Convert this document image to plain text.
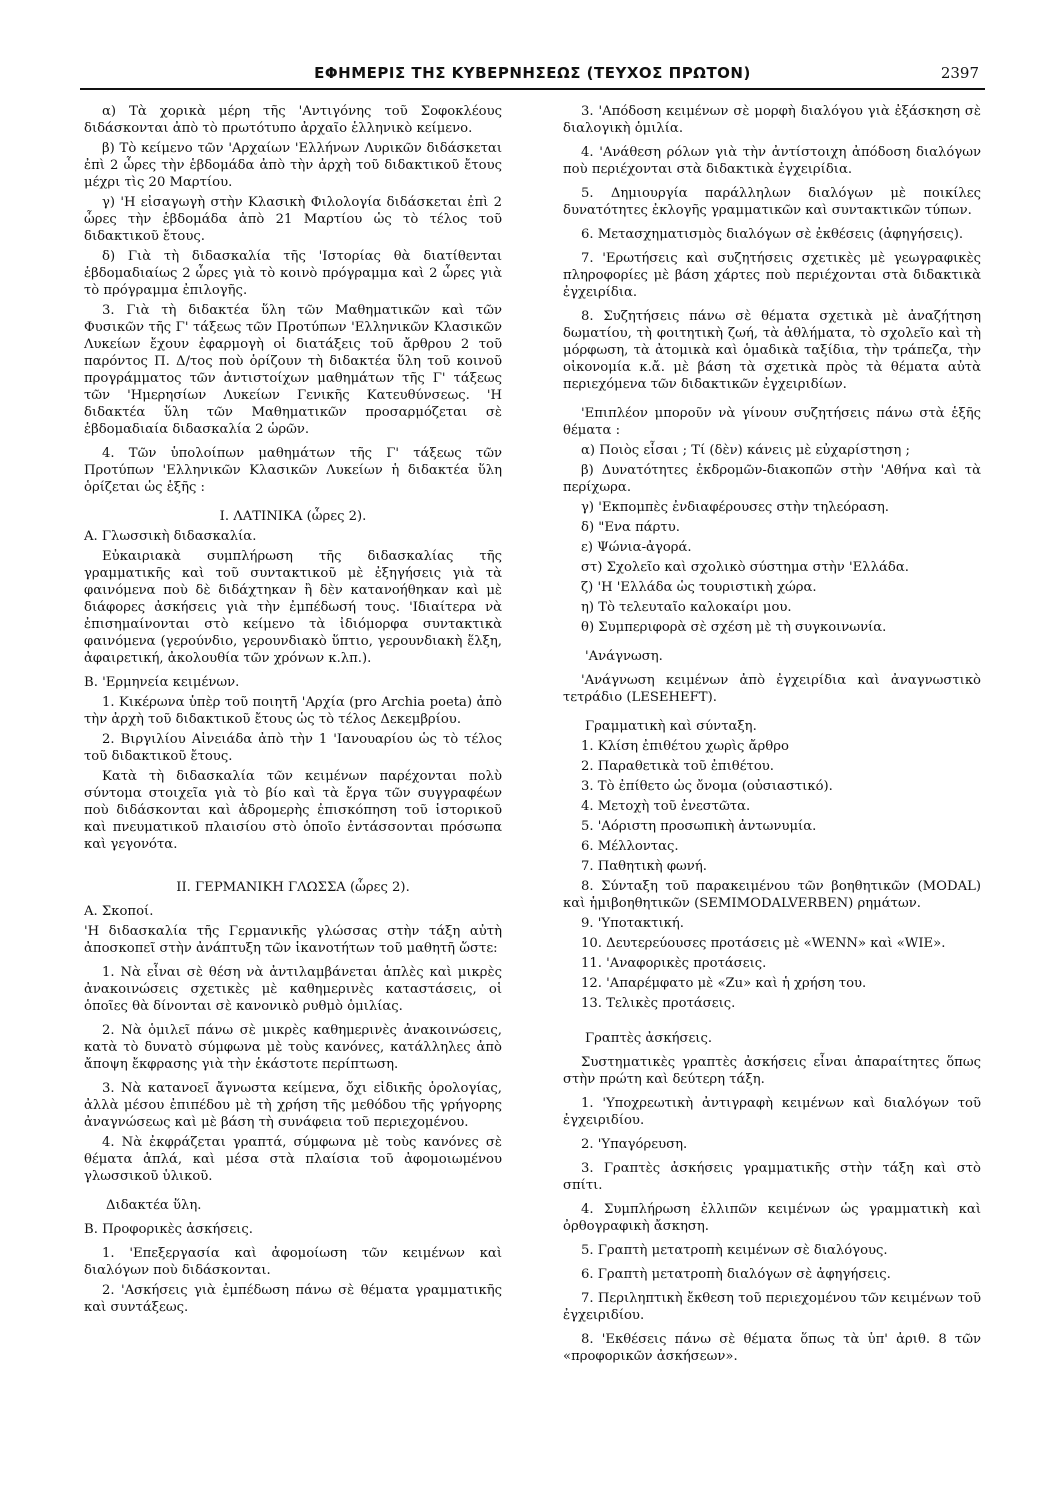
ΕΦΗΜΕΡΙΣ ΤΗΣ ΚΥΒΕΡΝΗΣΕΩΣ (ΤΕΥΧΟΣ ΠΡΩΤΟΝ)	2397

α) Τὰ χορικὰ μέρη τῆς 'Αντιγόνης τοῦ Σοφοκλέους διδάσκονται ἀπὸ τὸ πρωτότυπο ἀρχαῖο ἑλληνικὸ κείμενο.

β) Τὸ κείμενο τῶν 'Αρχαίων 'Ελλήνων Λυρικῶν διδάσκεται ἐπὶ 2 ὧρες τὴν ἑβδομάδα ἀπὸ τὴν ἀρχὴ τοῦ διδακτικοῦ ἔτους μέχρι τὶς 20 Μαρτίου.

γ) 'Η εἰσαγωγὴ στὴν Κλασικὴ Φιλολογία διδάσκεται ἐπὶ 2 ὧρες τὴν ἑβδομάδα ἀπὸ 21 Μαρτίου ὡς τὸ τέλος τοῦ διδακτικοῦ ἔτους.

δ) Γιὰ τὴ διδασκαλία τῆς 'Ιστορίας θὰ διατίθενται ἑβδομαδιαίως 2 ὧρες γιὰ τὸ κοινὸ πρόγραμμα καὶ 2 ὧρες γιὰ τὸ πρόγραμμα ἐπιλογῆς.

3. Γιὰ τὴ διδακτέα ὕλη τῶν Μαθηματικῶν καὶ τῶν Φυσικῶν τῆς Γ' τάξεως τῶν Προτύπων 'Ελληνικῶν Κλασικῶν Λυκείων ἔχουν ἐφαρμογὴ οἱ διατάξεις τοῦ ἄρθρου 2 τοῦ παρόντος Π. Δ/τος ποὺ ὁρίζουν τὴ διδακτέα ὕλη τοῦ κοινοῦ προγράμματος τῶν ἀντιστοίχων μαθημάτων τῆς Γ' τάξεως τῶν 'Ημερησίων Λυκείων Γενικῆς Κατευθύνσεως. 'Η διδακτέα ὕλη τῶν Μαθηματικῶν προσαρμόζεται σὲ ἑβδομαδιαία διδασκαλία 2 ὡρῶν.

4. Τῶν ὑπολοίπων μαθημάτων τῆς Γ' τάξεως τῶν Προτύπων 'Ελληνικῶν Κλασικῶν Λυκείων ἡ διδακτέα ὕλη ὁρίζεται ὡς ἑξῆς :

Ι. ΛΑΤΙΝΙΚΑ (ὧρες 2).

Α. Γλωσσικὴ διδασκαλία.

Εὐκαιριακὰ συμπλήρωση τῆς διδασκαλίας τῆς γραμματικῆς καὶ τοῦ συντακτικοῦ μὲ ἐξηγήσεις γιὰ τὰ φαινόμενα ποὺ δὲ διδάχτηκαν ἢ δὲν κατανοήθηκαν καὶ μὲ διάφορες ἀσκήσεις γιὰ τὴν ἐμπέδωσή τους. 'Ιδιαίτερα νὰ ἐπισημαίνονται στὸ κείμενο τὰ ἰδιόμορφα συντακτικὰ φαινόμενα (γερούνδιο, γερουνδιακὸ ὕπτιο, γερουνδιακὴ ἕλξη, ἀφαιρετική, ἀκολουθία τῶν χρόνων κ.λπ.).

Β. 'Ερμηνεία κειμένων.

1. Κικέρωνα ὑπὲρ τοῦ ποιητῆ 'Αρχία (pro Archia poeta) ἀπὸ τὴν ἀρχὴ τοῦ διδακτικοῦ ἔτους ὡς τὸ τέλος Δεκεμβρίου.

2. Βιργιλίου Αἰνειάδα ἀπὸ τὴν 1 'Ιανουαρίου ὡς τὸ τέλος τοῦ διδακτικοῦ ἔτους.

Κατὰ τὴ διδασκαλία τῶν κειμένων παρέχονται πολὺ σύντομα στοιχεῖα γιὰ τὸ βίο καὶ τὰ ἔργα τῶν συγγραφέων ποὺ διδάσκονται καὶ ἀδρομερὴς ἐπισκόπηση τοῦ ἱστορικοῦ καὶ πνευματικοῦ πλαισίου στὸ ὁποῖο ἐντάσσονται πρόσωπα καὶ γεγονότα.

ΙΙ. ΓΕΡΜΑΝΙΚΗ ΓΛΩΣΣΑ (ὧρες 2).

Α. Σκοποί.

'Η διδασκαλία τῆς Γερμανικῆς γλώσσας στὴν τάξη αὐτὴ ἀποσκοπεῖ στὴν ἀνάπτυξη τῶν ἱκανοτήτων τοῦ μαθητῆ ὥστε:

1. Νὰ εἶναι σὲ θέση νὰ ἀντιλαμβάνεται ἁπλὲς καὶ μικρὲς ἀνακοινώσεις σχετικὲς μὲ καθημερινὲς καταστάσεις, οἱ ὁποῖες θὰ δίνονται σὲ κανονικὸ ρυθμὸ ὁμιλίας.

2. Νὰ ὁμιλεῖ πάνω σὲ μικρὲς καθημερινὲς ἀνακοινώσεις, κατὰ τὸ δυνατὸ σύμφωνα μὲ τοὺς κανόνες, κατάλληλες ἀπὸ ἄποψη ἔκφρασης γιὰ τὴν ἑκάστοτε περίπτωση.

3. Νὰ κατανοεῖ ἄγνωστα κείμενα, ὄχι εἰδικῆς ὁρολογίας, ἀλλὰ μέσου ἐπιπέδου μὲ τὴ χρήση τῆς μεθόδου τῆς γρήγορης ἀναγνώσεως καὶ μὲ βάση τὴ συνάφεια τοῦ περιεχομένου.

4. Νὰ ἐκφράζεται γραπτά, σύμφωνα μὲ τοὺς κανόνες σὲ θέματα ἁπλά, καὶ μέσα στὰ πλαίσια τοῦ ἀφομοιωμένου γλωσσικοῦ ὑλικοῦ.

Διδακτέα ὕλη.

Β. Προφορικὲς ἀσκήσεις.

1. 'Επεξεργασία καὶ ἀφομοίωση τῶν κειμένων καὶ διαλόγων ποὺ διδάσκονται.

2. 'Ασκήσεις γιὰ ἐμπέδωση πάνω σὲ θέματα γραμματικῆς καὶ συντάξεως.

3. 'Απόδοση κειμένων σὲ μορφὴ διαλόγου γιὰ ἐξάσκηση σὲ διαλογικὴ ὁμιλία.

4. 'Ανάθεση ρόλων γιὰ τὴν ἀντίστοιχη ἀπόδοση διαλόγων ποὺ περιέχονται στὰ διδακτικὰ ἐγχειρίδια.

5. Δημιουργία παράλληλων διαλόγων μὲ ποικίλες δυνατότητες ἐκλογῆς γραμματικῶν καὶ συντακτικῶν τύπων.

6. Μετασχηματισμὸς διαλόγων σὲ ἐκθέσεις (ἀφηγήσεις).

7. 'Ερωτήσεις καὶ συζητήσεις σχετικὲς μὲ γεωγραφικὲς πληροφορίες μὲ βάση χάρτες ποὺ περιέχονται στὰ διδακτικὰ ἐγχειρίδια.

8. Συζητήσεις πάνω σὲ θέματα σχετικὰ μὲ ἀναζήτηση δωματίου, τὴ φοιτητικὴ ζωή, τὰ ἀθλήματα, τὸ σχολεῖο καὶ τὴ μόρφωση, τὰ ἀτομικὰ καὶ ὁμαδικὰ ταξίδια, τὴν τράπεζα, τὴν οἰκονομία κ.ἄ. μὲ βάση τὰ σχετικὰ πρὸς τὰ θέματα αὐτὰ περιεχόμενα τῶν διδακτικῶν ἐγχειριδίων.

'Επιπλέον μποροῦν νὰ γίνουν συζητήσεις πάνω στὰ ἑξῆς θέματα :

α) Ποιὸς εἶσαι ; Τί (δὲν) κάνεις μὲ εὐχαρίστηση ;

β) Δυνατότητες ἐκδρομῶν-διακοπῶν στὴν 'Αθήνα καὶ τὰ περίχωρα.

γ) 'Εκπομπὲς ἐνδιαφέρουσες στὴν τηλεόραση.

δ) "Ενα πάρτυ.

ε) Ψώνια-ἀγορά.

στ) Σχολεῖο καὶ σχολικὸ σύστημα στὴν 'Ελλάδα.

ζ) 'Η 'Ελλάδα ὡς τουριστικὴ χώρα.

η) Τὸ τελευταῖο καλοκαίρι μου.

θ) Συμπεριφορὰ σὲ σχέση μὲ τὴ συγκοινωνία.

'Ανάγνωση.

'Ανάγνωση κειμένων ἀπὸ ἐγχειρίδια καὶ ἀναγνωστικὸ τετράδιο (LESEHEFT).

Γραμματικὴ καὶ σύνταξη.

1. Κλίση ἐπιθέτου χωρὶς ἄρθρο

2. Παραθετικὰ τοῦ ἐπιθέτου.

3. Τὸ ἐπίθετο ὡς ὄνομα (οὐσιαστικό).

4. Μετοχὴ τοῦ ἐνεστῶτα.

5. 'Αόριστη προσωπικὴ ἀντωνυμία.

6. Μέλλοντας.

7. Παθητικὴ φωνή.

8. Σύνταξη τοῦ παρακειμένου τῶν βοηθητικῶν (MODAL) καὶ ἡμιβοηθητικῶν (SEMIMODALVERBEN) ρημάτων.

9. 'Υποτακτική.

10. Δευτερεύουσες προτάσεις μὲ «WENN» καὶ «WIE».

11. 'Αναφορικὲς προτάσεις.

12. 'Απαρέμφατο μὲ «Zu» καὶ ἡ χρήση του.

13. Τελικὲς προτάσεις.

Γραπτὲς ἀσκήσεις.

Συστηματικὲς γραπτὲς ἀσκήσεις εἶναι ἀπαραίτητες ὅπως στὴν πρώτη καὶ δεύτερη τάξη.

1. 'Υποχρεωτικὴ ἀντιγραφὴ κειμένων καὶ διαλόγων τοῦ ἐγχειριδίου.

2. 'Υπαγόρευση.

3. Γραπτὲς ἀσκήσεις γραμματικῆς στὴν τάξη καὶ στὸ σπίτι.

4. Συμπλήρωση ἐλλιπῶν κειμένων ὡς γραμματικὴ καὶ ὀρθογραφικὴ ἄσκηση.

5. Γραπτὴ μετατροπὴ κειμένων σὲ διαλόγους.

6. Γραπτὴ μετατροπὴ διαλόγων σὲ ἀφηγήσεις.

7. Περιληπτικὴ ἔκθεση τοῦ περιεχομένου τῶν κειμένων τοῦ ἐγχειριδίου.

8. 'Εκθέσεις πάνω σὲ θέματα ὅπως τὰ ὑπ' ἀριθ. 8 τῶν «προφορικῶν ἀσκήσεων».
